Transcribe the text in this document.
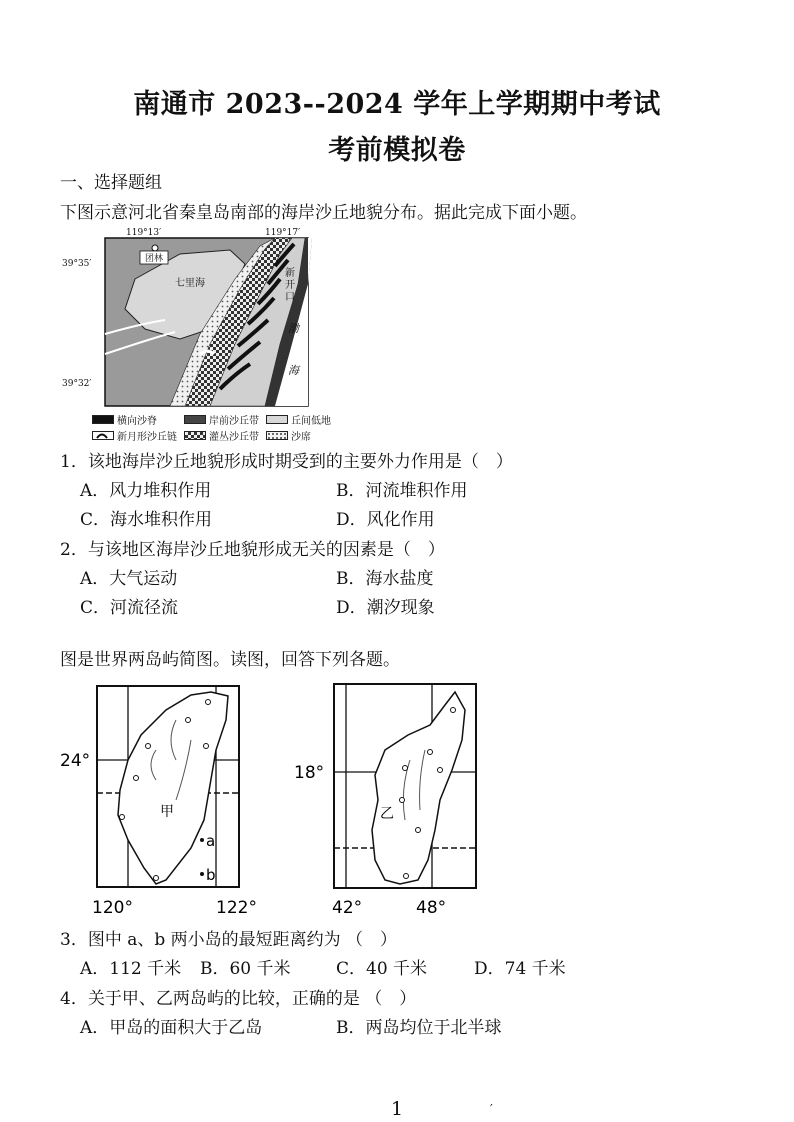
南通市 2023--2024 学年上学期期中考试
考前模拟卷
一、选择题组
下图示意河北省秦皇岛南部的海岸沙丘地貌分布。据此完成下面小题。
团林
七里海
新
开
口
渤
海
119°13′	119°17′
39°35′
39°32′
横向沙脊	岸前沙丘带	丘间低地
新月形沙丘链	灌丛沙丘带	沙席
1．该地海岸沙丘地貌形成时期受到的主要外力作用是（　）
A．风力堆积作用	B．河流堆积作用
C．海水堆积作用	D．风化作用
2．与该地区海岸沙丘地貌形成无关的因素是（　）
A．大气运动	B．海水盐度
C．河流径流	D．潮汐现象
图是世界两岛屿简图。读图，回答下列各题。
甲
a
b
24°
120°	122°
乙
18°
42°	48°
3．图中 a、b 两小岛的最短距离约为 （　）
A．112 千米 B．60 千米	C．40 千米	D．74 千米
4．关于甲、乙两岛屿的比较，正确的是 （　）
A．甲岛的面积大于乙岛	B．两岛均位于北半球
1	′
